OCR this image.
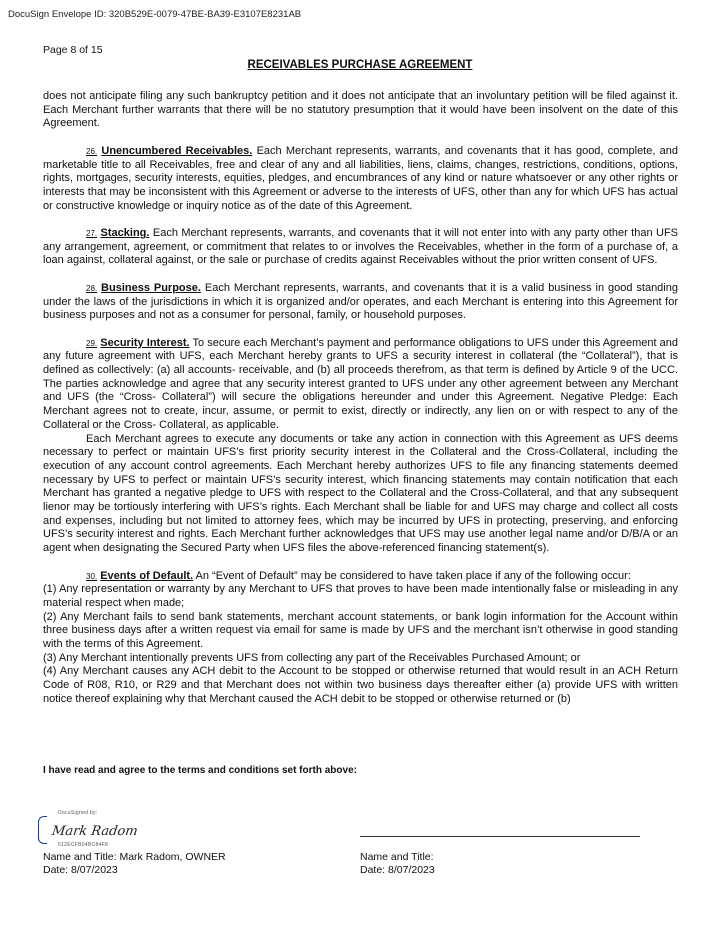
DocuSign Envelope ID: 320B529E-0079-47BE-BA39-E3107E8231AB
Page 8 of 15
RECEIVABLES PURCHASE AGREEMENT

does not anticipate filing any such bankruptcy petition and it does not anticipate that an involuntary petition will be filed against it. Each Merchant further warrants that there will be no statutory presumption that it would have been insolvent on the date of this Agreement.

26. Unencumbered Receivables. Each Merchant represents, warrants, and covenants that it has good, complete, and marketable title to all Receivables, free and clear of any and all liabilities, liens, claims, changes, restrictions, conditions, options, rights, mortgages, security interests, equities, pledges, and encumbrances of any kind or nature whatsoever or any other rights or interests that may be inconsistent with this Agreement or adverse to the interests of UFS, other than any for which UFS has actual or constructive knowledge or inquiry notice as of the date of this Agreement.

27. Stacking. Each Merchant represents, warrants, and covenants that it will not enter into with any party other than UFS any arrangement, agreement, or commitment that relates to or involves the Receivables, whether in the form of a purchase of, a loan against, collateral against, or the sale or purchase of credits against Receivables without the prior written consent of UFS.

28. Business Purpose. Each Merchant represents, warrants, and covenants that it is a valid business in good standing under the laws of the jurisdictions in which it is organized and/or operates, and each Merchant is entering into this Agreement for business purposes and not as a consumer for personal, family, or household purposes.

29. Security Interest. To secure each Merchant’s payment and performance obligations to UFS under this Agreement and any future agreement with UFS, each Merchant hereby grants to UFS a security interest in collateral (the “Collateral”), that is defined as collectively: (a) all accounts- receivable, and (b) all proceeds therefrom, as that term is defined by Article 9 of the UCC. The parties acknowledge and agree that any security interest granted to UFS under any other agreement between any Merchant and UFS (the “Cross- Collateral”) will secure the obligations hereunder and under this Agreement. Negative Pledge: Each Merchant agrees not to create, incur, assume, or permit to exist, directly or indirectly, any lien on or with respect to any of the Collateral or the Cross- Collateral, as applicable.

Each Merchant agrees to execute any documents or take any action in connection with this Agreement as UFS deems necessary to perfect or maintain UFS’s first priority security interest in the Collateral and the Cross-Collateral, including the execution of any account control agreements. Each Merchant hereby authorizes UFS to file any financing statements deemed necessary by UFS to perfect or maintain UFS’s security interest, which financing statements may contain notification that each Merchant has granted a negative pledge to UFS with respect to the Collateral and the Cross-Collateral, and that any subsequent lienor may be tortiously interfering with UFS’s rights. Each Merchant shall be liable for and UFS may charge and collect all costs and expenses, including but not limited to attorney fees, which may be incurred by UFS in protecting, preserving, and enforcing UFS’s security interest and rights. Each Merchant further acknowledges that UFS may use another legal name and/or D/B/A or an agent when designating the Secured Party when UFS files the above-referenced financing statement(s).

30. Events of Default. An “Event of Default” may be considered to have taken place if any of the following occur:

(1) Any representation or warranty by any Merchant to UFS that proves to have been made intentionally false or misleading in any material respect when made;

(2) Any Merchant fails to send bank statements, merchant account statements, or bank login information for the Account within three business days after a written request via email for same is made by UFS and the merchant isn’t otherwise in good standing with the terms of this Agreement.

(3) Any Merchant intentionally prevents UFS from collecting any part of the Receivables Purchased Amount; or

(4) Any Merchant causes any ACH debit to the Account to be stopped or otherwise returned that would result in an ACH Return Code of R08, R10, or R29 and that Merchant does not within two business days thereafter either (a) provide UFS with written notice thereof explaining why that Merchant caused the ACH debit to be stopped or otherwise returned or (b)

I have read and agree to the terms and conditions set forth above:
DocuSigned by:
Mark Radom
512ECFB04BC84F8
Name and Title: Mark Radom, OWNER
Date: 8/07/2023
Name and Title:
Date: 8/07/2023
